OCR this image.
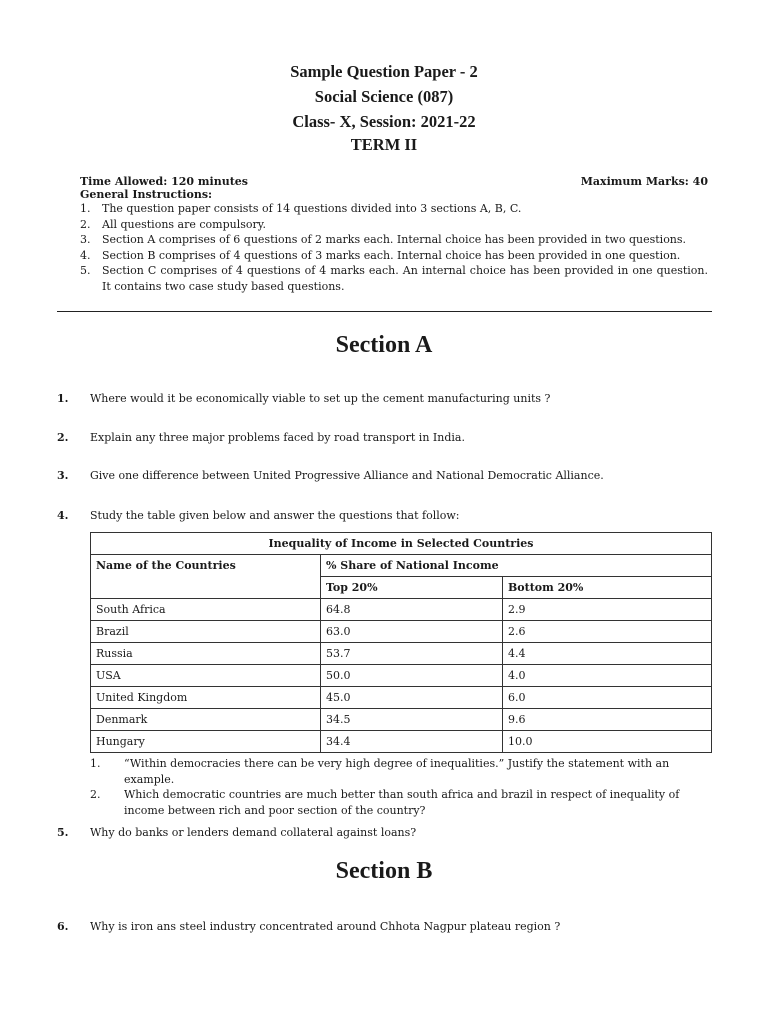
Sample Question Paper - 2
Social Science (087)
Class- X, Session: 2021-22
TERM II
Time Allowed: 120 minutes	Maximum Marks: 40
General Instructions:
1.	The question paper consists of 14 questions divided into 3 sections A, B, C.
2.	All questions are compulsory.
3.	Section A comprises of 6 questions of 2 marks each. Internal choice has been provided in two questions.
4.	Section B comprises of 4 questions of 3 marks each. Internal choice has been provided in one question.
5.	Section C comprises of 4 questions of 4 marks each. An internal choice has been provided in one question. It contains two case study based questions.
Section A
1.	Where would it be economically viable to set up the cement manufacturing units ?
2.	Explain any three major problems faced by road transport in India.
3.	Give one difference between United Progressive Alliance and National Democratic Alliance.
4.	Study the table given below and answer the questions that follow:
Inequality of Income in Selected Countries		
Name of the Countries	% Share of National Income	
	Top 20%	Bottom 20%
South Africa	64.8	2.9
Brazil	63.0	2.6
Russia	53.7	4.4
USA	50.0	4.0
United Kingdom	45.0	6.0
Denmark	34.5	9.6
Hungary	34.4	10.0
1.	“Within democracies there can be very high degree of inequalities.” Justify the statement with an example.
2.	Which democratic countries are much better than south africa and brazil in respect of inequality of income between rich and poor section of the country?
5.	Why do banks or lenders demand collateral against loans?
Section B
6.	Why is iron ans steel industry concentrated around Chhota Nagpur plateau region ?
